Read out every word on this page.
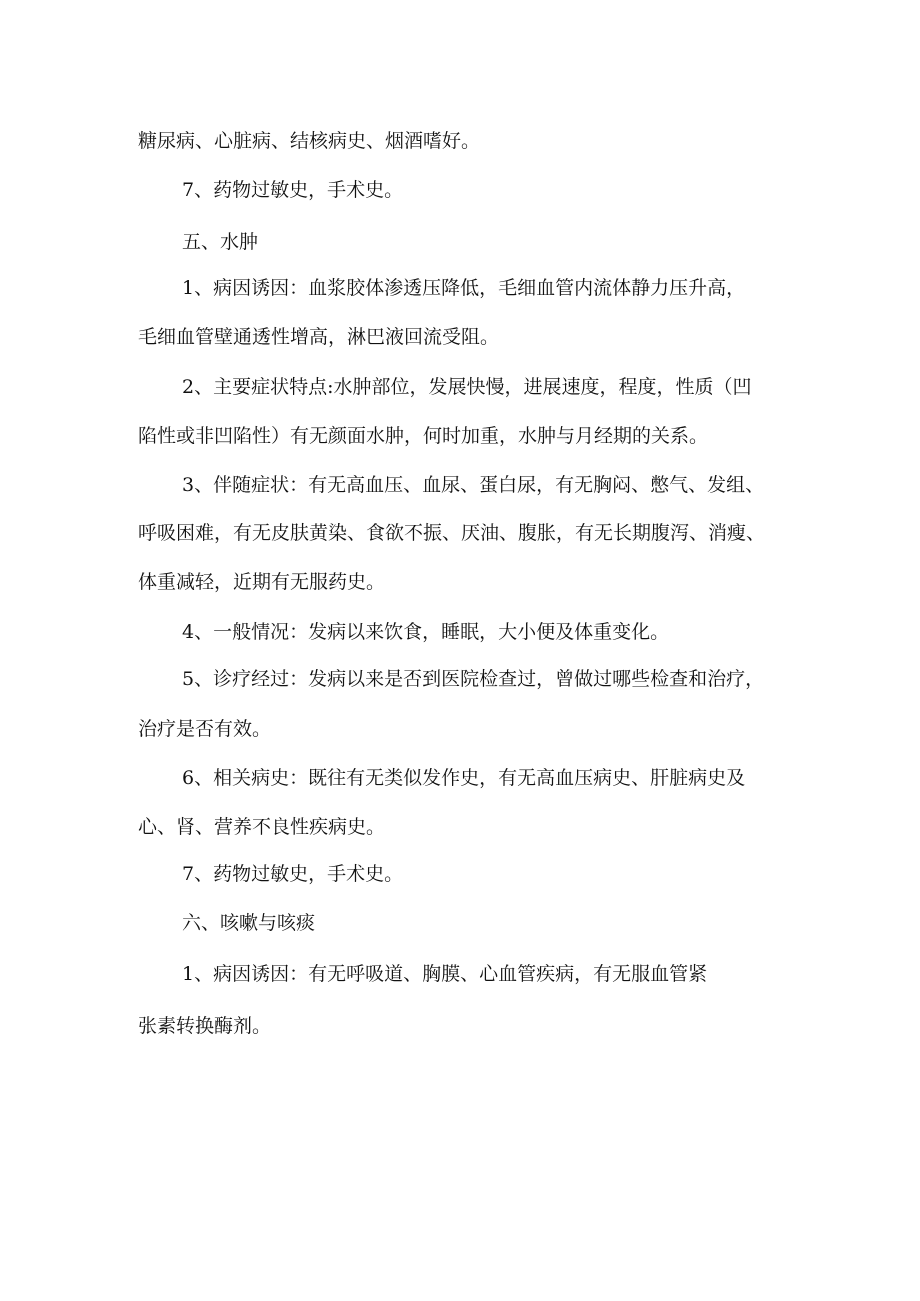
糖尿病、心脏病、结核病史、烟酒嗜好。
7、药物过敏史，手术史。
五、水肿
1、病因诱因：血浆胶体渗透压降低，毛细血管内流体静力压升高，
毛细血管壁通透性增高，淋巴液回流受阻。
2、主要症状特点:水肿部位，发展快慢，进展速度，程度，性质（凹
陷性或非凹陷性）有无颜面水肿，何时加重，水肿与月经期的关系。
3、伴随症状：有无高血压、血尿、蛋白尿，有无胸闷、憋气、发组、
呼吸困难，有无皮肤黄染、食欲不振、厌油、腹胀，有无长期腹泻、消瘦、
体重减轻，近期有无服药史。
4、一般情况：发病以来饮食，睡眠，大小便及体重变化。
5、诊疗经过：发病以来是否到医院检查过，曾做过哪些检查和治疗，
治疗是否有效。
6、相关病史：既往有无类似发作史，有无高血压病史、肝脏病史及
心、肾、营养不良性疾病史。
7、药物过敏史，手术史。
六、咳嗽与咳痰
1、病因诱因：有无呼吸道、胸膜、心血管疾病，有无服血管紧
张素转换酶剂。
